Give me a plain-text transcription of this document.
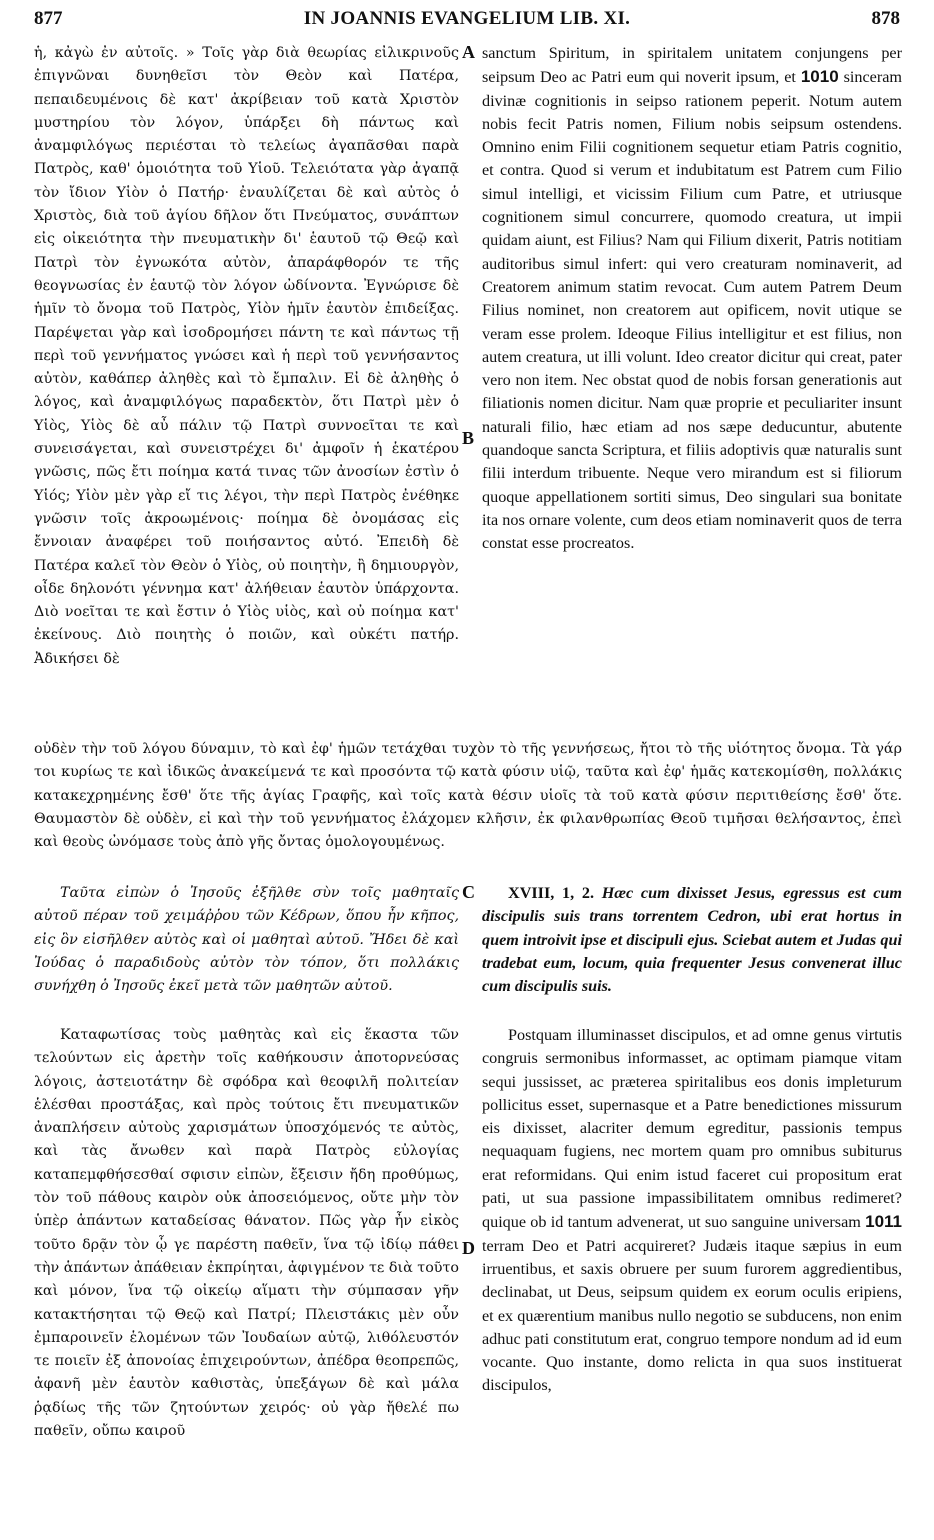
877	IN JOANNIS EVANGELIUM LIB. XI.	878

ἡ, κἀγὼ ἐν αὐτοῖς. » Τοῖς γὰρ διὰ θεωρίας εἰλικρινοῦς ἐπιγνῶναι δυνηθεῖσι τὸν Θεὸν καὶ Πατέρα, πεπαιδευμένοις δὲ κατ' ἀκρίβειαν τοῦ κατὰ Χριστὸν μυστηρίου τὸν λόγον, ὑπάρξει δὴ πάντως καὶ ἀναμφιλόγως περιέσται τὸ τελείως ἀγαπᾶσθαι παρὰ Πατρὸς, καθ' ὁμοιότητα τοῦ Υἱοῦ. Τελειότατα γὰρ ἀγαπᾷ τὸν ἴδιον Υἱὸν ὁ Πατήρ· ἐναυλίζεται δὲ καὶ αὐτὸς ὁ Χριστὸς, διὰ τοῦ ἁγίου δῆλον ὅτι Πνεύματος, συνάπτων εἰς οἰκειότητα τὴν πνευματικὴν δι' ἑαυτοῦ τῷ Θεῷ καὶ Πατρὶ τὸν ἐγνωκότα αὐτὸν, ἀπαράφθορόν τε τῆς θεογνωσίας ἐν ἑαυτῷ τὸν λόγον ὠδίνοντα. Ἐγνώρισε δὲ ἡμῖν τὸ ὄνομα τοῦ Πατρὸς, Υἱὸν ἡμῖν ἑαυτὸν ἐπιδείξας. Παρέψεται γὰρ καὶ ἰσοδρομήσει πάντη τε καὶ πάντως τῇ περὶ τοῦ γεννήματος γνώσει καὶ ἡ περὶ τοῦ γεννήσαντος αὐτὸν, καθάπερ ἀληθὲς καὶ τὸ ἔμπαλιν. Εἰ δὲ ἀληθὴς ὁ λόγος, καὶ ἀναμφιλόγως παραδεκτὸν, ὅτι Πατρὶ μὲν ὁ Υἱὸς, Υἱὸς δὲ αὖ πάλιν τῷ Πατρὶ συννοεῖται τε καὶ συνεισάγεται, καὶ συνειστρέχει δι' ἀμφοῖν ἡ ἑκατέρου γνῶσις, πῶς ἔτι ποίημα κατά τινας τῶν ἀνοσίων ἐστὶν ὁ Υἱός; Υἱὸν μὲν γὰρ εἴ τις λέγοι, τὴν περὶ Πατρὸς ἐνέθηκε γνῶσιν τοῖς ἀκροωμένοις· ποίημα δὲ ὀνομάσας εἰς ἔννοιαν ἀναφέρει τοῦ ποιήσαντος αὐτό. Ἐπειδὴ δὲ Πατέρα καλεῖ τὸν Θεὸν ὁ Υἱὸς, οὐ ποιητὴν, ἢ δημιουργὸν, οἶδε δηλονότι γέννημα κατ' ἀλήθειαν ἑαυτὸν ὑπάρχοντα. Διὸ νοεῖται τε καὶ ἔστιν ὁ Υἱὸς υἱὸς, καὶ οὐ ποίημα κατ' ἐκείνους. Διὸ ποιητὴς ὁ ποιῶν, καὶ οὐκέτι πατήρ. Ἀδικήσει δὲ

A
B

sanctum Spiritum, in spiritalem unitatem conjungens per seipsum Deo ac Patri eum qui noverit ipsum, et 1010 sinceram divinæ cognitionis in seipso rationem peperit. Notum autem nobis fecit Patris nomen, Filium nobis seipsum ostendens. Omnino enim Filii cognitionem sequetur etiam Patris cognitio, et contra. Quod si verum et indubitatum est Patrem cum Filio simul intelligi, et vicissim Filium cum Patre, et utriusque cognitionem simul concurrere, quomodo creatura, ut impii quidam aiunt, est Filius? Nam qui Filium dixerit, Patris notitiam auditoribus simul infert: qui vero creaturam nominaverit, ad Creatorem animum statim revocat. Cum autem Patrem Deum Filius nominet, non creatorem aut opificem, novit utique se veram esse prolem. Ideoque Filius intelligitur et est filius, non autem creatura, ut illi volunt. Ideo creator dicitur qui creat, pater vero non item. Nec obstat quod de nobis forsan generationis aut filiationis nomen dicitur. Nam quæ proprie et peculiariter insunt naturali filio, hæc etiam ad nos sæpe deducuntur, abutente quandoque sancta Scriptura, et filiis adoptivis quæ naturalis sunt filii interdum tribuente. Neque vero mirandum est si filiorum quoque appellationem sortiti simus, Deo singulari sua bonitate ita nos ornare volente, cum deos etiam nominaverit quos de terra constat esse procreatos.

οὐδὲν τὴν τοῦ λόγου δύναμιν, τὸ καὶ ἐφ' ἡμῶν τετάχθαι τυχὸν τὸ τῆς γεννήσεως, ἤτοι τὸ τῆς υἱότητος ὄνομα. Τὰ γάρ τοι κυρίως τε καὶ ἰδικῶς ἀνακείμενά τε καὶ προσόντα τῷ κατὰ φύσιν υἱῷ, ταῦτα καὶ ἐφ' ἡμᾶς κατεκομίσθη, πολλάκις κατακεχρημένης ἔσθ' ὅτε τῆς ἁγίας Γραφῆς, καὶ τοῖς κατὰ θέσιν υἱοῖς τὰ τοῦ κατὰ φύσιν περιτιθείσης ἔσθ' ὅτε. Θαυμαστὸν δὲ οὐδὲν, εἰ καὶ τὴν τοῦ γεννήματος ἐλάχομεν κλῆσιν, ἐκ φιλανθρωπίας Θεοῦ τιμῆσαι θελήσαντος, ἐπεὶ καὶ θεοὺς ὠνόμασε τοὺς ἀπὸ γῆς ὄντας ὁμολογουμένως.

Ταῦτα εἰπὼν ὁ Ἰησοῦς ἐξῆλθε σὺν τοῖς μαθηταῖς αὐτοῦ πέραν τοῦ χειμάῤῥου τῶν Κέδρων, ὅπου ἦν κῆπος, εἰς ὃν εἰσῆλθεν αὐτὸς καὶ οἱ μαθηταὶ αὐτοῦ. Ἤδει δὲ καὶ Ἰούδας ὁ παραδιδοὺς αὐτὸν τὸν τόπον, ὅτι πολλάκις συνήχθη ὁ Ἰησοῦς ἐκεῖ μετὰ τῶν μαθητῶν αὐτοῦ.

C	XVIII, 1, 2. Hæc cum dixisset Jesus, egressus est cum discipulis suis trans torrentem Cedron, ubi erat hortus in quem introivit ipse et discipuli ejus. Sciebat autem et Judas qui tradebat eum, locum, quia frequenter Jesus convenerat illuc cum discipulis suis.

Καταφωτίσας τοὺς μαθητὰς καὶ εἰς ἕκαστα τῶν τελούντων εἰς ἀρετὴν τοῖς καθήκουσιν ἀποτορνεύσας λόγοις, ἀστειοτάτην δὲ σφόδρα καὶ θεοφιλῆ πολιτείαν ἑλέσθαι προστάξας, καὶ πρὸς τούτοις ἔτι πνευματικῶν ἀναπλήσειν αὐτοὺς χαρισμάτων ὑποσχόμενός τε αὐτὸς, καὶ τὰς ἄνωθεν καὶ παρὰ Πατρὸς εὐλογίας καταπεμφθήσεσθαί σφισιν εἰπὼν, ἔξεισιν ἤδη προθύμως, τὸν τοῦ πάθους καιρὸν οὐκ ἀποσειόμενος, οὔτε μὴν τὸν ὑπὲρ ἁπάντων καταδείσας θάνατον. Πῶς γὰρ ἦν εἰκὸς τοῦτο δρᾷν τὸν ᾧ γε παρέστη παθεῖν, ἵνα τῷ ἰδίῳ πάθει τὴν ἁπάντων ἀπάθειαν ἐκπρίηται, ἀφιγμένον τε διὰ τοῦτο καὶ μόνον, ἵνα τῷ οἰκείῳ αἵματι τὴν σύμπασαν γῆν κατακτήσηται τῷ Θεῷ καὶ Πατρί; Πλειστάκις μὲν οὖν ἐμπαροινεῖν ἑλομένων τῶν Ἰουδαίων αὐτῷ, λιθόλευστόν τε ποιεῖν ἐξ ἀπονοίας ἐπιχειρούντων, ἀπέδρα θεοπρεπῶς, ἀφανῆ μὲν ἑαυτὸν καθιστὰς, ὑπεξάγων δὲ καὶ μάλα ῥᾳδίως τῆς τῶν ζητούντων χειρός· οὐ γὰρ ἤθελέ πω παθεῖν, οὔπω καιροῦ

D

Postquam illuminasset discipulos, et ad omne genus virtutis congruis sermonibus informasset, ac optimam piamque vitam sequi jussisset, ac præterea spiritalibus eos donis impleturum pollicitus esset, supernasque et a Patre benedictiones missurum eis dixisset, alacriter demum egreditur, passionis tempus nequaquam fugiens, nec mortem quam pro omnibus subiturus erat reformidans. Qui enim istud faceret cui propositum erat pati, ut sua passione impassibilitatem omnibus redimeret? quique ob id tantum advenerat, ut suo sanguine universam 1011 terram Deo et Patri acquireret? Judæis itaque sæpius in eum irruentibus, et saxis obruere per suum furorem aggredientibus, declinabat, ut Deus, seipsum quidem ex eorum oculis eripiens, et ex quærentium manibus nullo negotio se subducens, non enim adhuc pati constitutum erat, congruo tempore nondum ad id eum vocante. Quo instante, domo relicta in qua suos instituerat discipulos,
